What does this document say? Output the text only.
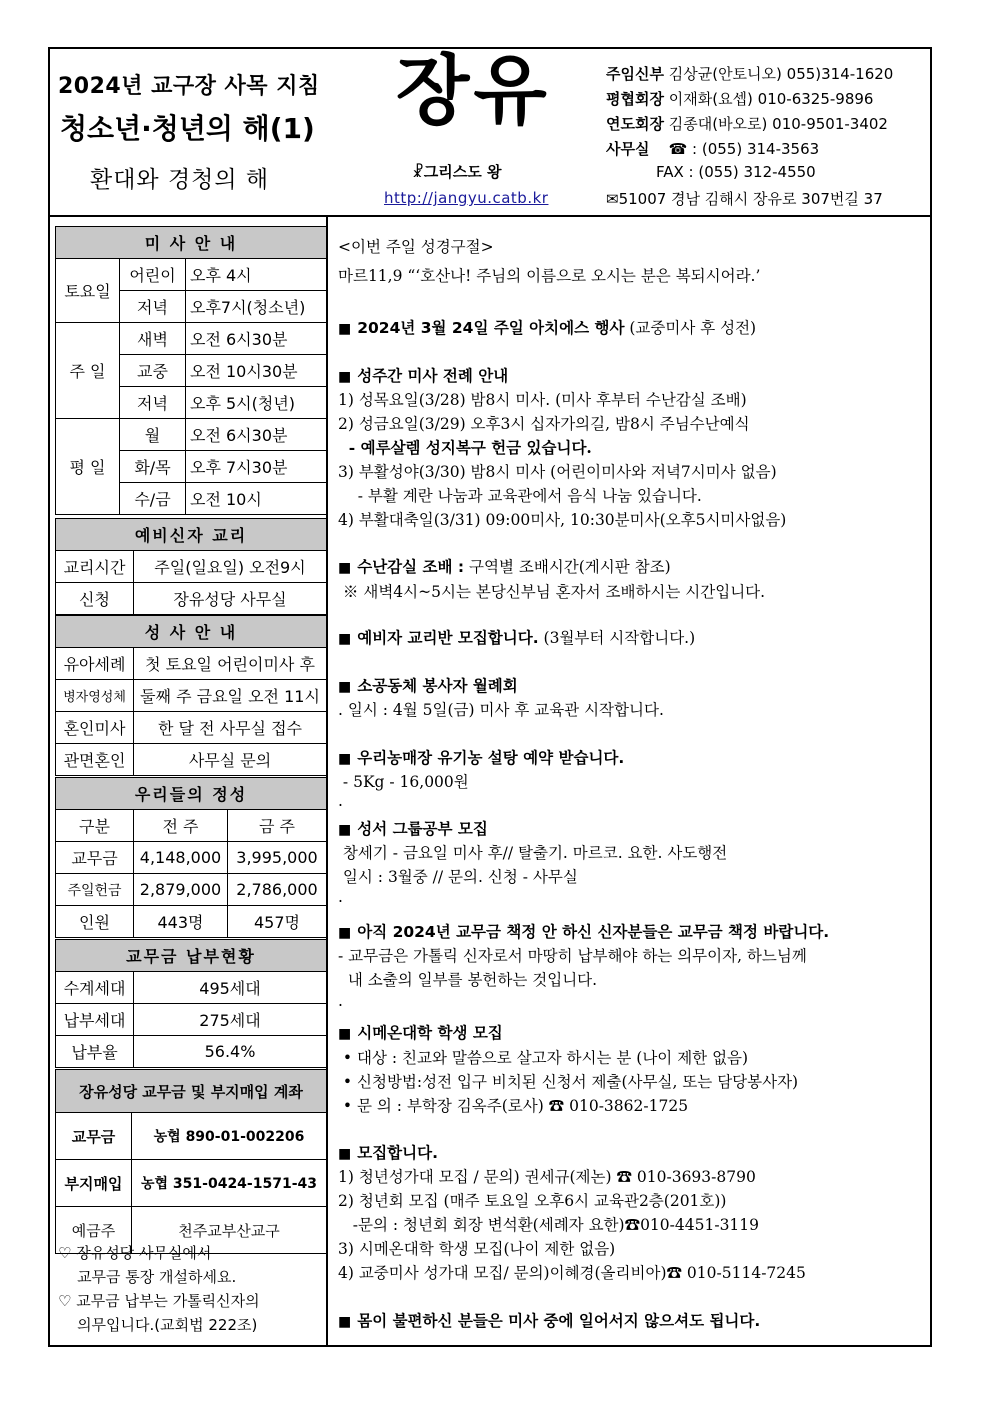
2024년 교구장 사목 지침
청소년·청년의 해(1)
환대와 경청의 해
장유
☧그리스도 왕
http://jangyu.catb.kr
주임신부 김상균(안토니오) 055)314-1620
평협회장 이재화(요셉) 010-6325-9896
연도회장 김종대(바오로) 010-9501-3402
사무실 ☎ : (055) 314-3563
FAX : (055) 312-4550
✉51007 경남 김해시 장유로 307번길 37
미 사 안 내		
토요일	어린이	오후 4시
	저녁	오후7시(청소년)
주 일	새벽	오전 6시30분
	교중	오전 10시30분
	저녁	오후 5시(청년)
평 일	월	오전 6시30분
	화/목	오후 7시30분
	수/금	오전 10시
예비신자 교리	
교리시간	주일(일요일) 오전9시
신청	장유성당 사무실
성 사 안 내	
유아세례	첫 토요일 어린이미사 후
병자영성체	둘째 주 금요일 오전 11시
혼인미사	한 달 전 사무실 접수
관면혼인	사무실 문의
우리들의 정성		
구분	전 주	금 주
교무금	4,148,000	3,995,000
주일헌금	2,879,000	2,786,000
인원	443명	457명
교무금 납부현황	
수계세대	495세대
납부세대	275세대
납부율	56.4%
장유성당 교무금 및 부지매입 계좌	
교무금	농협 890-01-002206
부지매입	농협 351-0424-1571-43
예금주	천주교부산교구
♡ 장유성당 사무실에서
교무금 통장 개설하세요.
♡ 교무금 납부는 가톨릭신자의
의무입니다.(교회법 222조)
<이번 주일 성경구절>
마르11,9 “‘호산나! 주님의 이름으로 오시는 분은 복되시어라.’
■ 2024년 3월 24일 주일 아치에스 행사 (교중미사 후 성전)
■ 성주간 미사 전례 안내
1) 성목요일(3/28) 밤8시 미사. (미사 후부터 수난감실 조배)
2) 성금요일(3/29) 오후3시 십자가의길, 밤8시 주님수난예식
- 예루살렘 성지복구 헌금 있습니다.
3) 부활성야(3/30) 밤8시 미사 (어린이미사와 저녁7시미사 없음)
- 부활 계란 나눔과 교육관에서 음식 나눔 있습니다.
4) 부활대축일(3/31) 09:00미사, 10:30분미사(오후5시미사없음)
■ 수난감실 조배 : 구역별 조배시간(게시판 참조)
※ 새벽4시~5시는 본당신부님 혼자서 조배하시는 시간입니다.
■ 예비자 교리반 모집합니다. (3월부터 시작합니다.)
■ 소공동체 봉사자 월례회
. 일시 : 4월 5일(금) 미사 후 교육관 시작합니다.
■ 우리농매장 유기농 설탕 예약 받습니다.
- 5Kg - 16,000원
.
■ 성서 그룹공부 모집
창세기 - 금요일 미사 후// 탈출기. 마르코. 요한. 사도행전
일시 : 3월중 // 문의. 신청 - 사무실
.
■ 아직 2024년 교무금 책정 안 하신 신자분들은 교무금 책정 바랍니다.
- 교무금은 가톨릭 신자로서 마땅히 납부해야 하는 의무이자, 하느님께
내 소출의 일부를 봉헌하는 것입니다.
.
■ 시메온대학 학생 모집
• 대상 : 친교와 말씀으로 살고자 하시는 분 (나이 제한 없음)
• 신청방법:성전 입구 비치된 신청서 제출(사무실, 또는 담당봉사자)
• 문 의 : 부학장 김옥주(로사) ☎ 010-3862-1725
■ 모집합니다.
1) 청년성가대 모집 / 문의) 권세규(제논) ☎ 010-3693-8790
2) 청년회 모집 (매주 토요일 오후6시 교육관2층(201호))
-문의 : 청년회 회장 변석환(세례자 요한)☎010-4451-3119
3) 시메온대학 학생 모집(나이 제한 없음)
4) 교중미사 성가대 모집/ 문의)이혜경(올리비아)☎ 010-5114-7245
■ 몸이 불편하신 분들은 미사 중에 일어서지 않으셔도 됩니다.
